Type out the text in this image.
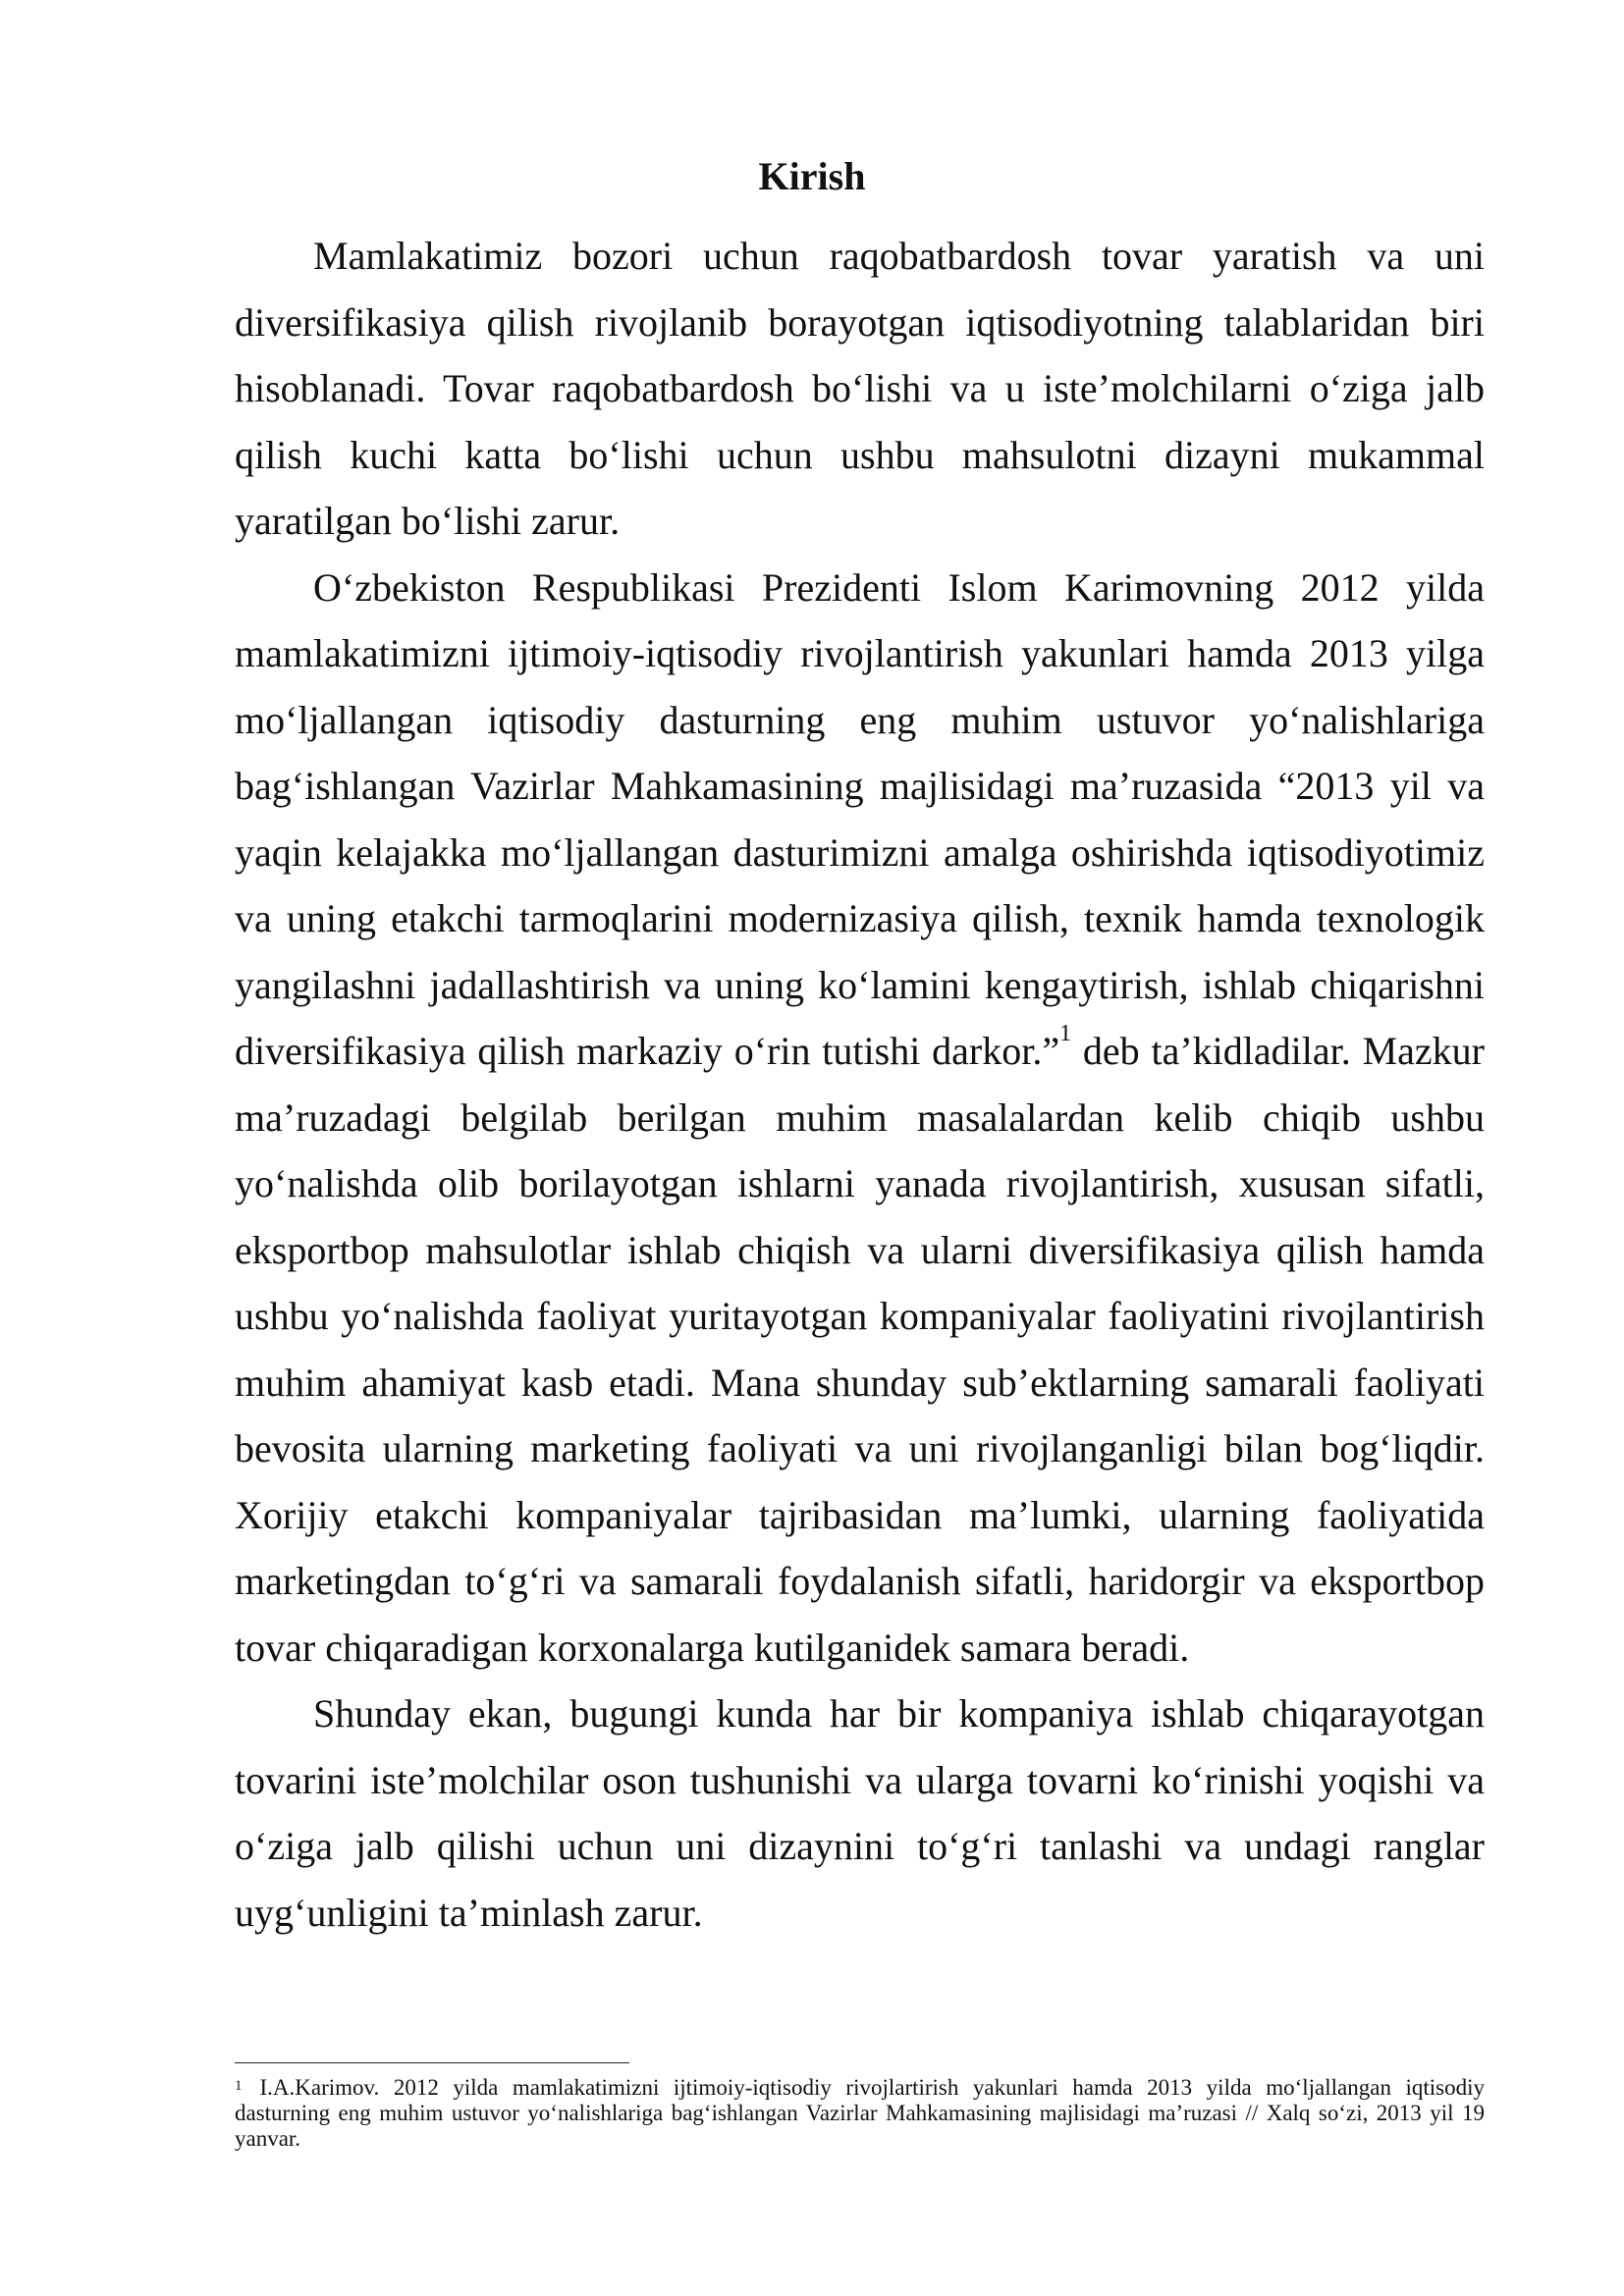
Kirish

Mamlakatimiz bozori uchun raqobatbardosh tovar yaratish va uni diversifikasiya qilish rivojlanib borayotgan iqtisodiyotning talablaridan biri hisoblanadi. Tovar raqobatbardosh bo‘lishi va u iste’molchilarni o‘ziga jalb qilish kuchi katta bo‘lishi uchun ushbu mahsulotni dizayni mukammal yaratilgan bo‘lishi zarur.

O‘zbekiston Respublikasi Prezidenti Islom Karimovning 2012 yilda mamlakatimizni ijtimoiy-iqtisodiy rivojlantirish yakunlari hamda 2013 yilga mo‘ljallangan iqtisodiy dasturning eng muhim ustuvor yo‘nalishlariga bag‘ishlangan Vazirlar Mahkamasining majlisidagi ma’ruzasida “2013 yil va yaqin kelajakka mo‘ljallangan dasturimizni amalga oshirishda iqtisodiyotimiz va uning etakchi tarmoqlarini modernizasiya qilish, texnik hamda texnologik yangilashni jadallashtirish va uning ko‘lamini kengaytirish, ishlab chiqarishni diversifikasiya qilish markaziy o‘rin tutishi darkor.”$^1$ deb ta’kidladilar. Mazkur ma’ruzadagi belgilab berilgan muhim masalalardan kelib chiqib ushbu yo‘nalishda olib borilayotgan ishlarni yanada rivojlantirish, xususan sifatli, eksportbop mahsulotlar ishlab chiqish va ularni diversifikasiya qilish hamda ushbu yo‘nalishda faoliyat yuritayotgan kompaniyalar faoliyatini rivojlantirish muhim ahamiyat kasb etadi. Mana shunday sub’ektlarning samarali faoliyati bevosita ularning marketing faoliyati va uni rivojlanganligi bilan bog‘liqdir. Xorijiy etakchi kompaniyalar tajribasidan ma’lumki, ularning faoliyatida marketingdan to‘g‘ri va samarali foydalanish sifatli, haridorgir va eksportbop tovar chiqaradigan korxonalarga kutilganidek samara beradi.

Shunday ekan, bugungi kunda har bir kompaniya ishlab chiqarayotgan tovarini iste’molchilar oson tushunishi va ularga tovarni ko‘rinishi yoqishi va o‘ziga jalb qilishi uchun uni dizaynini to‘g‘ri tanlashi va undagi ranglar uyg‘unligini ta’minlash zarur.

$^1$ I.A.Karimov. 2012 yilda mamlakatimizni ijtimoiy-iqtisodiy rivojlartirish yakunlari hamda 2013 yilda mo‘ljallangan iqtisodiy dasturning eng muhim ustuvor yo‘nalishlariga bag‘ishlangan Vazirlar Mahkamasining majlisidagi ma’ruzasi // Xalq so‘zi, 2013 yil 19 yanvar.
